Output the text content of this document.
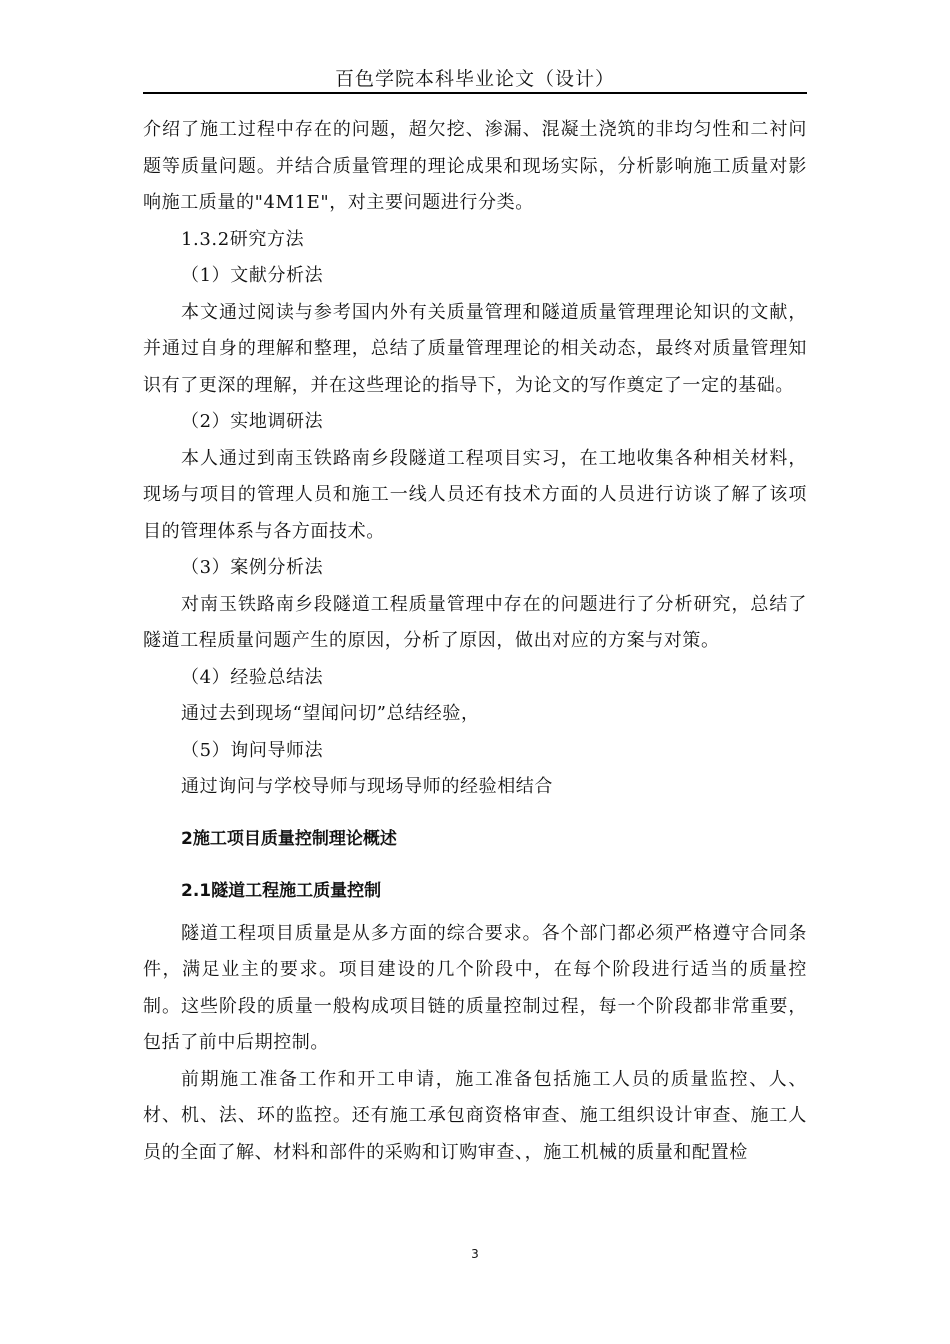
百色学院本科毕业论文（设计）

介绍了施工过程中存在的问题，超欠挖、渗漏、混凝土浇筑的非均匀性和二衬问题等质量问题。并结合质量管理的理论成果和现场实际，分析影响施工质量对影响施工质量的"4M1E"，对主要问题进行分类。

1.3.2研究方法

（1）文献分析法

本文通过阅读与参考国内外有关质量管理和隧道质量管理理论知识的文献，并通过自身的理解和整理，总结了质量管理理论的相关动态，最终对质量管理知识有了更深的理解，并在这些理论的指导下，为论文的写作奠定了一定的基础。

（2）实地调研法

本人通过到南玉铁路南乡段隧道工程项目实习，在工地收集各种相关材料，现场与项目的管理人员和施工一线人员还有技术方面的人员进行访谈了解了该项目的管理体系与各方面技术。

（3）案例分析法

对南玉铁路南乡段隧道工程质量管理中存在的问题进行了分析研究，总结了隧道工程质量问题产生的原因，分析了原因，做出对应的方案与对策。

（4）经验总结法

通过去到现场“望闻问切”总结经验，

（5）询问导师法

通过询问与学校导师与现场导师的经验相结合

2施工项目质量控制理论概述

2.1隧道工程施工质量控制

隧道工程项目质量是从多方面的综合要求。各个部门都必须严格遵守合同条件，满足业主的要求。项目建设的几个阶段中，在每个阶段进行适当的质量控制。这些阶段的质量一般构成项目链的质量控制过程，每一个阶段都非常重要，包括了前中后期控制。

前期施工准备工作和开工申请，施工准备包括施工人员的质量监控、人、材、机、法、环的监控。还有施工承包商资格审查、施工组织设计审查、施工人员的全面了解、材料和部件的采购和订购审查、，施工机械的质量和配置检

3
